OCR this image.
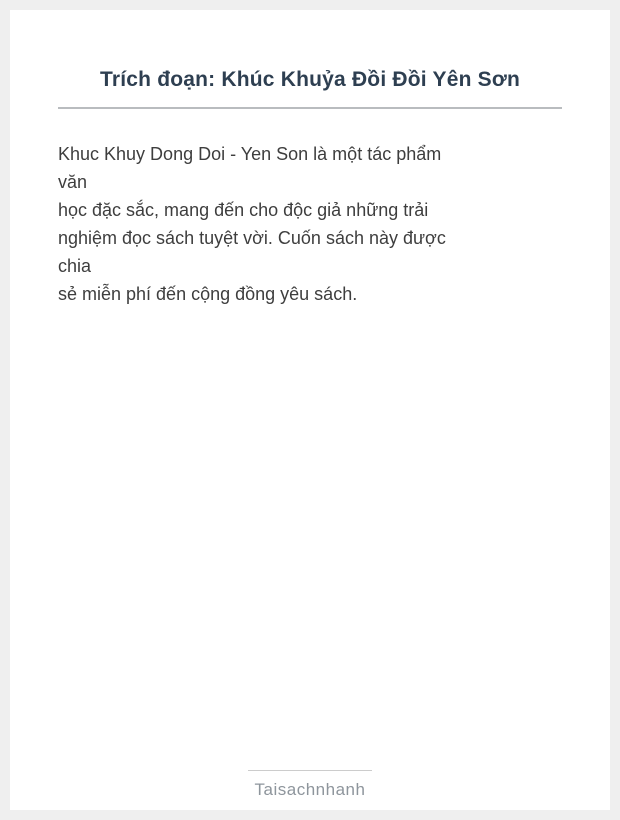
Trích đoạn: Khúc Khuỷa Đồi Đồi Yên Sơn
Khuc Khuy Dong Doi - Yen Son là một tác phẩm
văn
học đặc sắc, mang đến cho độc giả những trải
nghiệm đọc sách tuyệt vời. Cuốn sách này được
chia
sẻ miễn phí đến cộng đồng yêu sách.
Taisachnhanh
